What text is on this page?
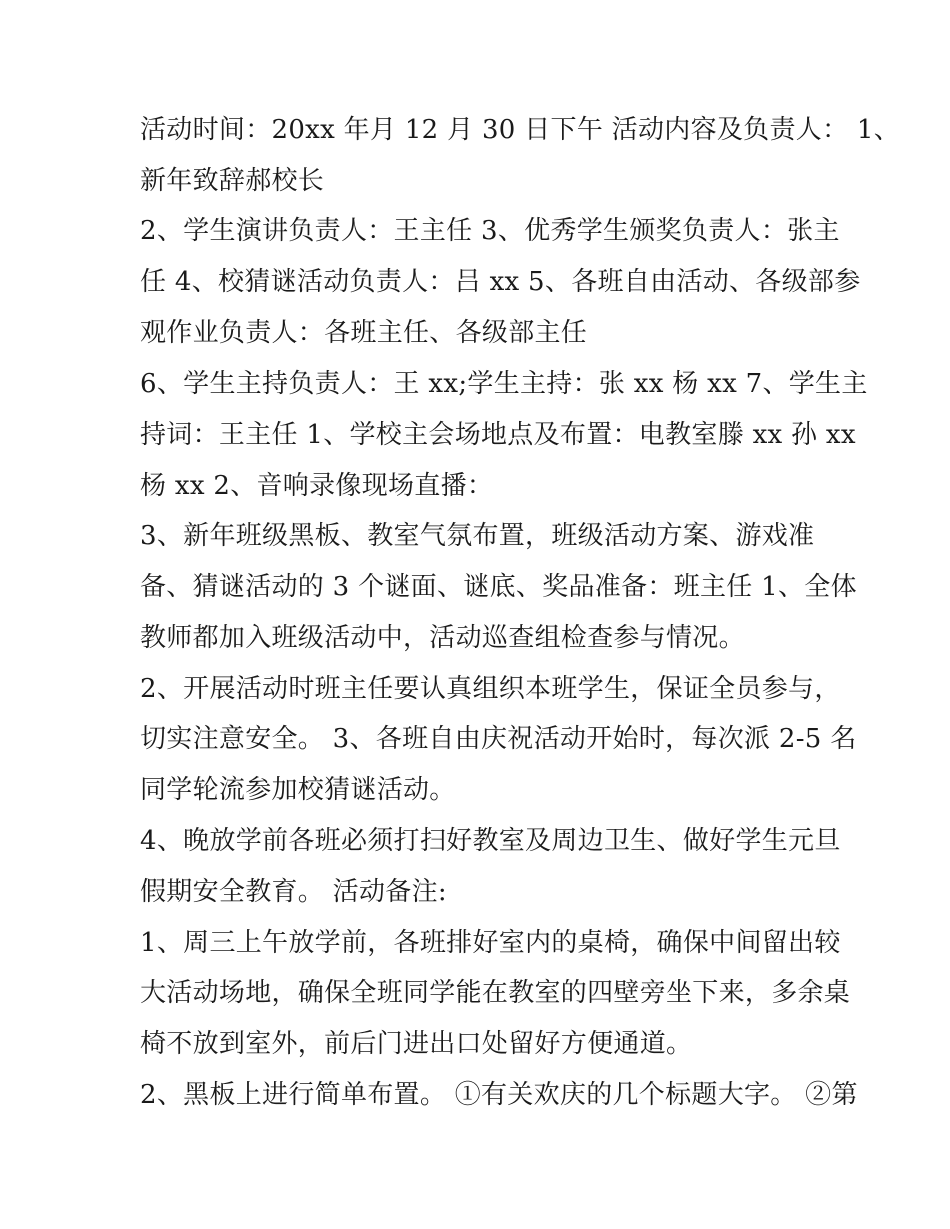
活动时间：20xx 年月 12 月 30 日下午 活动内容及负责人： 1、
新年致辞郝校长
2、学生演讲负责人：王主任 3、优秀学生颁奖负责人：张主
任 4、校猜谜活动负责人：吕 xx 5、各班自由活动、各级部参
观作业负责人：各班主任、各级部主任
6、学生主持负责人：王 xx;学生主持：张 xx 杨 xx 7、学生主
持词：王主任 1、学校主会场地点及布置：电教室滕 xx 孙 xx
杨 xx 2、音响录像现场直播：
3、新年班级黑板、教室气氛布置，班级活动方案、游戏准
备、猜谜活动的 3 个谜面、谜底、奖品准备：班主任 1、全体
教师都加入班级活动中，活动巡查组检查参与情况。
2、开展活动时班主任要认真组织本班学生，保证全员参与，
切实注意安全。 3、各班自由庆祝活动开始时，每次派 2-5 名
同学轮流参加校猜谜活动。
4、晚放学前各班必须打扫好教室及周边卫生、做好学生元旦
假期安全教育。 活动备注:
1、周三上午放学前，各班排好室内的桌椅，确保中间留出较
大活动场地，确保全班同学能在教室的四壁旁坐下来，多余桌
椅不放到室外，前后门进出口处留好方便通道。
2、黑板上进行简单布置。 ①有关欢庆的几个标题大字。 ②第
